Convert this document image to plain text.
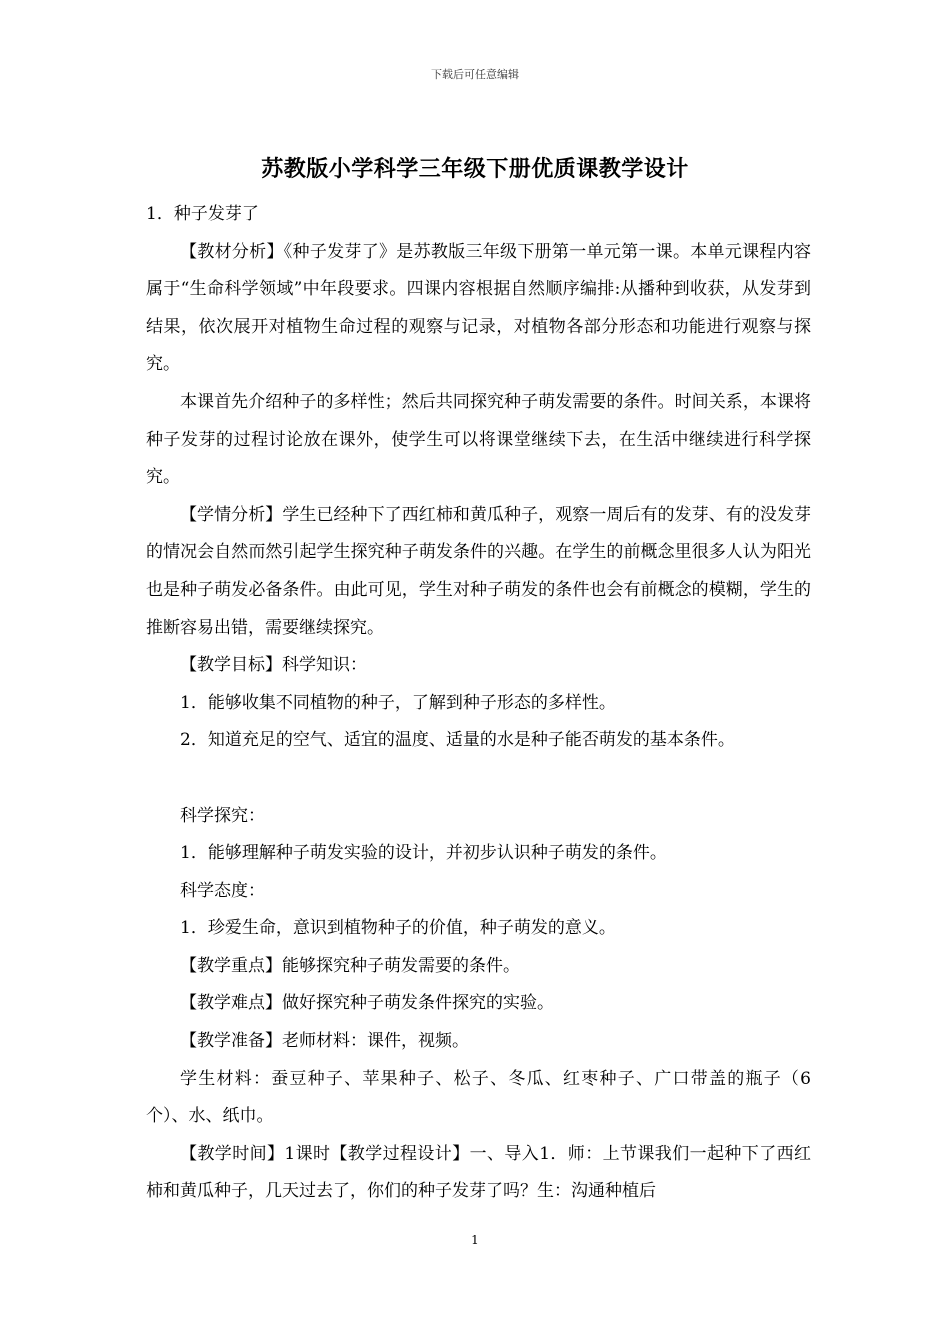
下载后可任意编辑
苏教版小学科学三年级下册优质课教学设计

1．种子发芽了

【教材分析】《种子发芽了》是苏教版三年级下册第一单元第一课。本单元课程内容属于“生命科学领域”中年段要求。四课内容根据自然顺序编排:从播种到收获，从发芽到结果，依次展开对植物生命过程的观察与记录，对植物各部分形态和功能进行观察与探究。

本课首先介绍种子的多样性；然后共同探究种子萌发需要的条件。时间关系，本课将种子发芽的过程讨论放在课外，使学生可以将课堂继续下去，在生活中继续进行科学探究。

【学情分析】学生已经种下了西红柿和黄瓜种子，观察一周后有的发芽、有的没发芽的情况会自然而然引起学生探究种子萌发条件的兴趣。在学生的前概念里很多人认为阳光也是种子萌发必备条件。由此可见，学生对种子萌发的条件也会有前概念的模糊，学生的推断容易出错，需要继续探究。

【教学目标】科学知识：

1．能够收集不同植物的种子，了解到种子形态的多样性。

2．知道充足的空气、适宜的温度、适量的水是种子能否萌发的基本条件。

科学探究：

1．能够理解种子萌发实验的设计，并初步认识种子萌发的条件。

科学态度：

1．珍爱生命，意识到植物种子的价值，种子萌发的意义。

【教学重点】能够探究种子萌发需要的条件。

【教学难点】做好探究种子萌发条件探究的实验。

【教学准备】老师材料：课件，视频。

学生材料：蚕豆种子、苹果种子、松子、冬瓜、红枣种子、广口带盖的瓶子（6个）、水、纸巾。

【教学时间】1课时【教学过程设计】一、导入1．师：上节课我们一起种下了西红柿和黄瓜种子，几天过去了，你们的种子发芽了吗？生：沟通种植后

1
